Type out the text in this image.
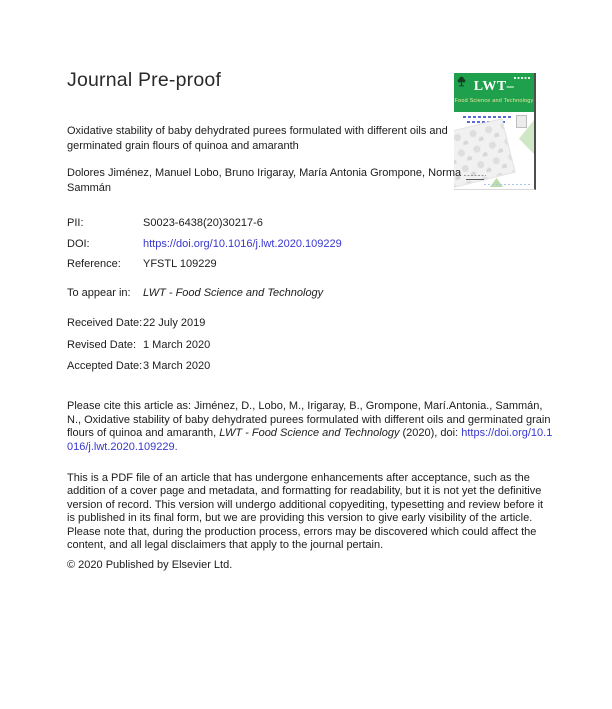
Journal Pre-proof	LWT–
Food Science and Technology

Oxidative stability of baby dehydrated purees formulated with different oils and germinated grain flours of quinoa and amaranth

Dolores Jiménez, Manuel Lobo, Bruno Irigaray, María Antonia Grompone, Norma Sammán

PII:	S0023-6438(20)30217-6
DOI:	https://doi.org/10.1016/j.lwt.2020.109229
Reference: YFSTL 109229
To appear in: LWT - Food Science and Technology
Received Date:22 July 2019
Revised Date: 1 March 2020
Accepted Date:3 March 2020

Please cite this article as: Jiménez, D., Lobo, M., Irigaray, B., Grompone, Marí.Antonia., Sammán, N., Oxidative stability of baby dehydrated purees formulated with different oils and germinated grain flours of quinoa and amaranth, LWT - Food Science and Technology (2020), doi: https://doi.org/10.1016/j.lwt.2020.109229.

This is a PDF file of an article that has undergone enhancements after acceptance, such as the addition of a cover page and metadata, and formatting for readability, but it is not yet the definitive version of record. This version will undergo additional copyediting, typesetting and review before it is published in its final form, but we are providing this version to give early visibility of the article. Please note that, during the production process, errors may be discovered which could affect the content, and all legal disclaimers that apply to the journal pertain.

© 2020 Published by Elsevier Ltd.
